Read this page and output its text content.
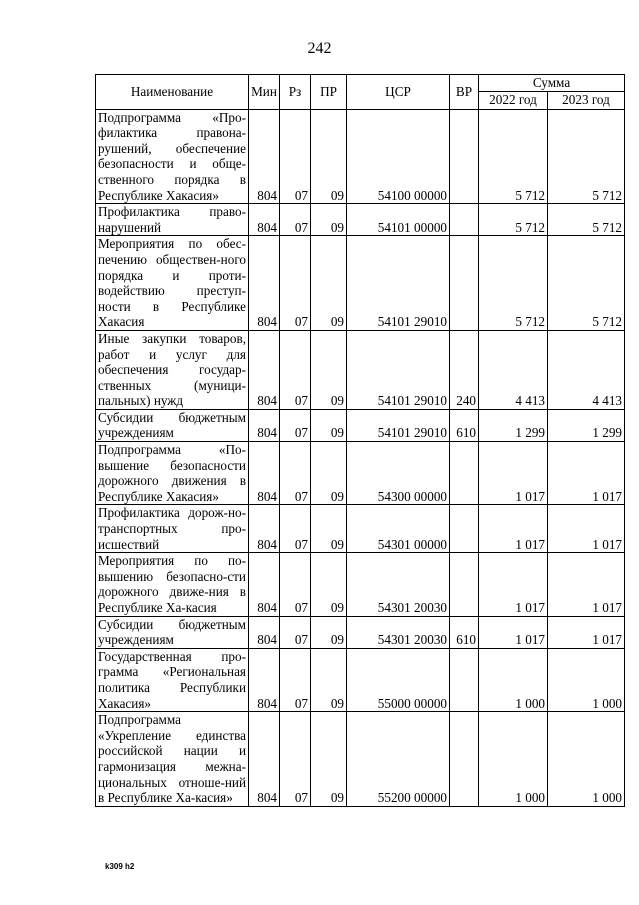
242
Наименование	Мин	Рз	ПР	ЦСР	ВР	Сумма	
						2022 год	2023 год
Подпрограмма «Про-филактика правона-рушений, обеспечение безопасности и обще-ственного порядка в Республике Хакасия»	804	07	09	54100 00000		5 712	5 712
Профилактика право-нарушений	804	07	09	54101 00000		5 712	5 712
Мероприятия по обес-печению обществен-ного порядка и проти-водействию преступ-ности в Республике Хакасия	804	07	09	54101 29010		5 712	5 712
Иные закупки товаров, работ и услуг для обеспечения государ-ственных (муници-пальных) нужд	804	07	09	54101 29010	240	4 413	4 413
Субсидии бюджетным учреждениям	804	07	09	54101 29010	610	1 299	1 299
Подпрограмма «По-вышение безопасности дорожного движения в Республике Хакасия»	804	07	09	54300 00000		1 017	1 017
Профилактика дорож-но-транспортных про-исшествий	804	07	09	54301 00000		1 017	1 017
Мероприятия по по-вышению безопасно-сти дорожного движе-ния в Республике Ха-касия	804	07	09	54301 20030		1 017	1 017
Субсидии бюджетным учреждениям	804	07	09	54301 20030	610	1 017	1 017
Государственная про-грамма «Региональная политика Республики Хакасия»	804	07	09	55000 00000		1 000	1 000
Подпрограмма «Укрепление единства российской нации и гармонизация межна-циональных отноше-ний в Республике Ха-касия»	804	07	09	55200 00000		1 000	1 000
k309 h2
